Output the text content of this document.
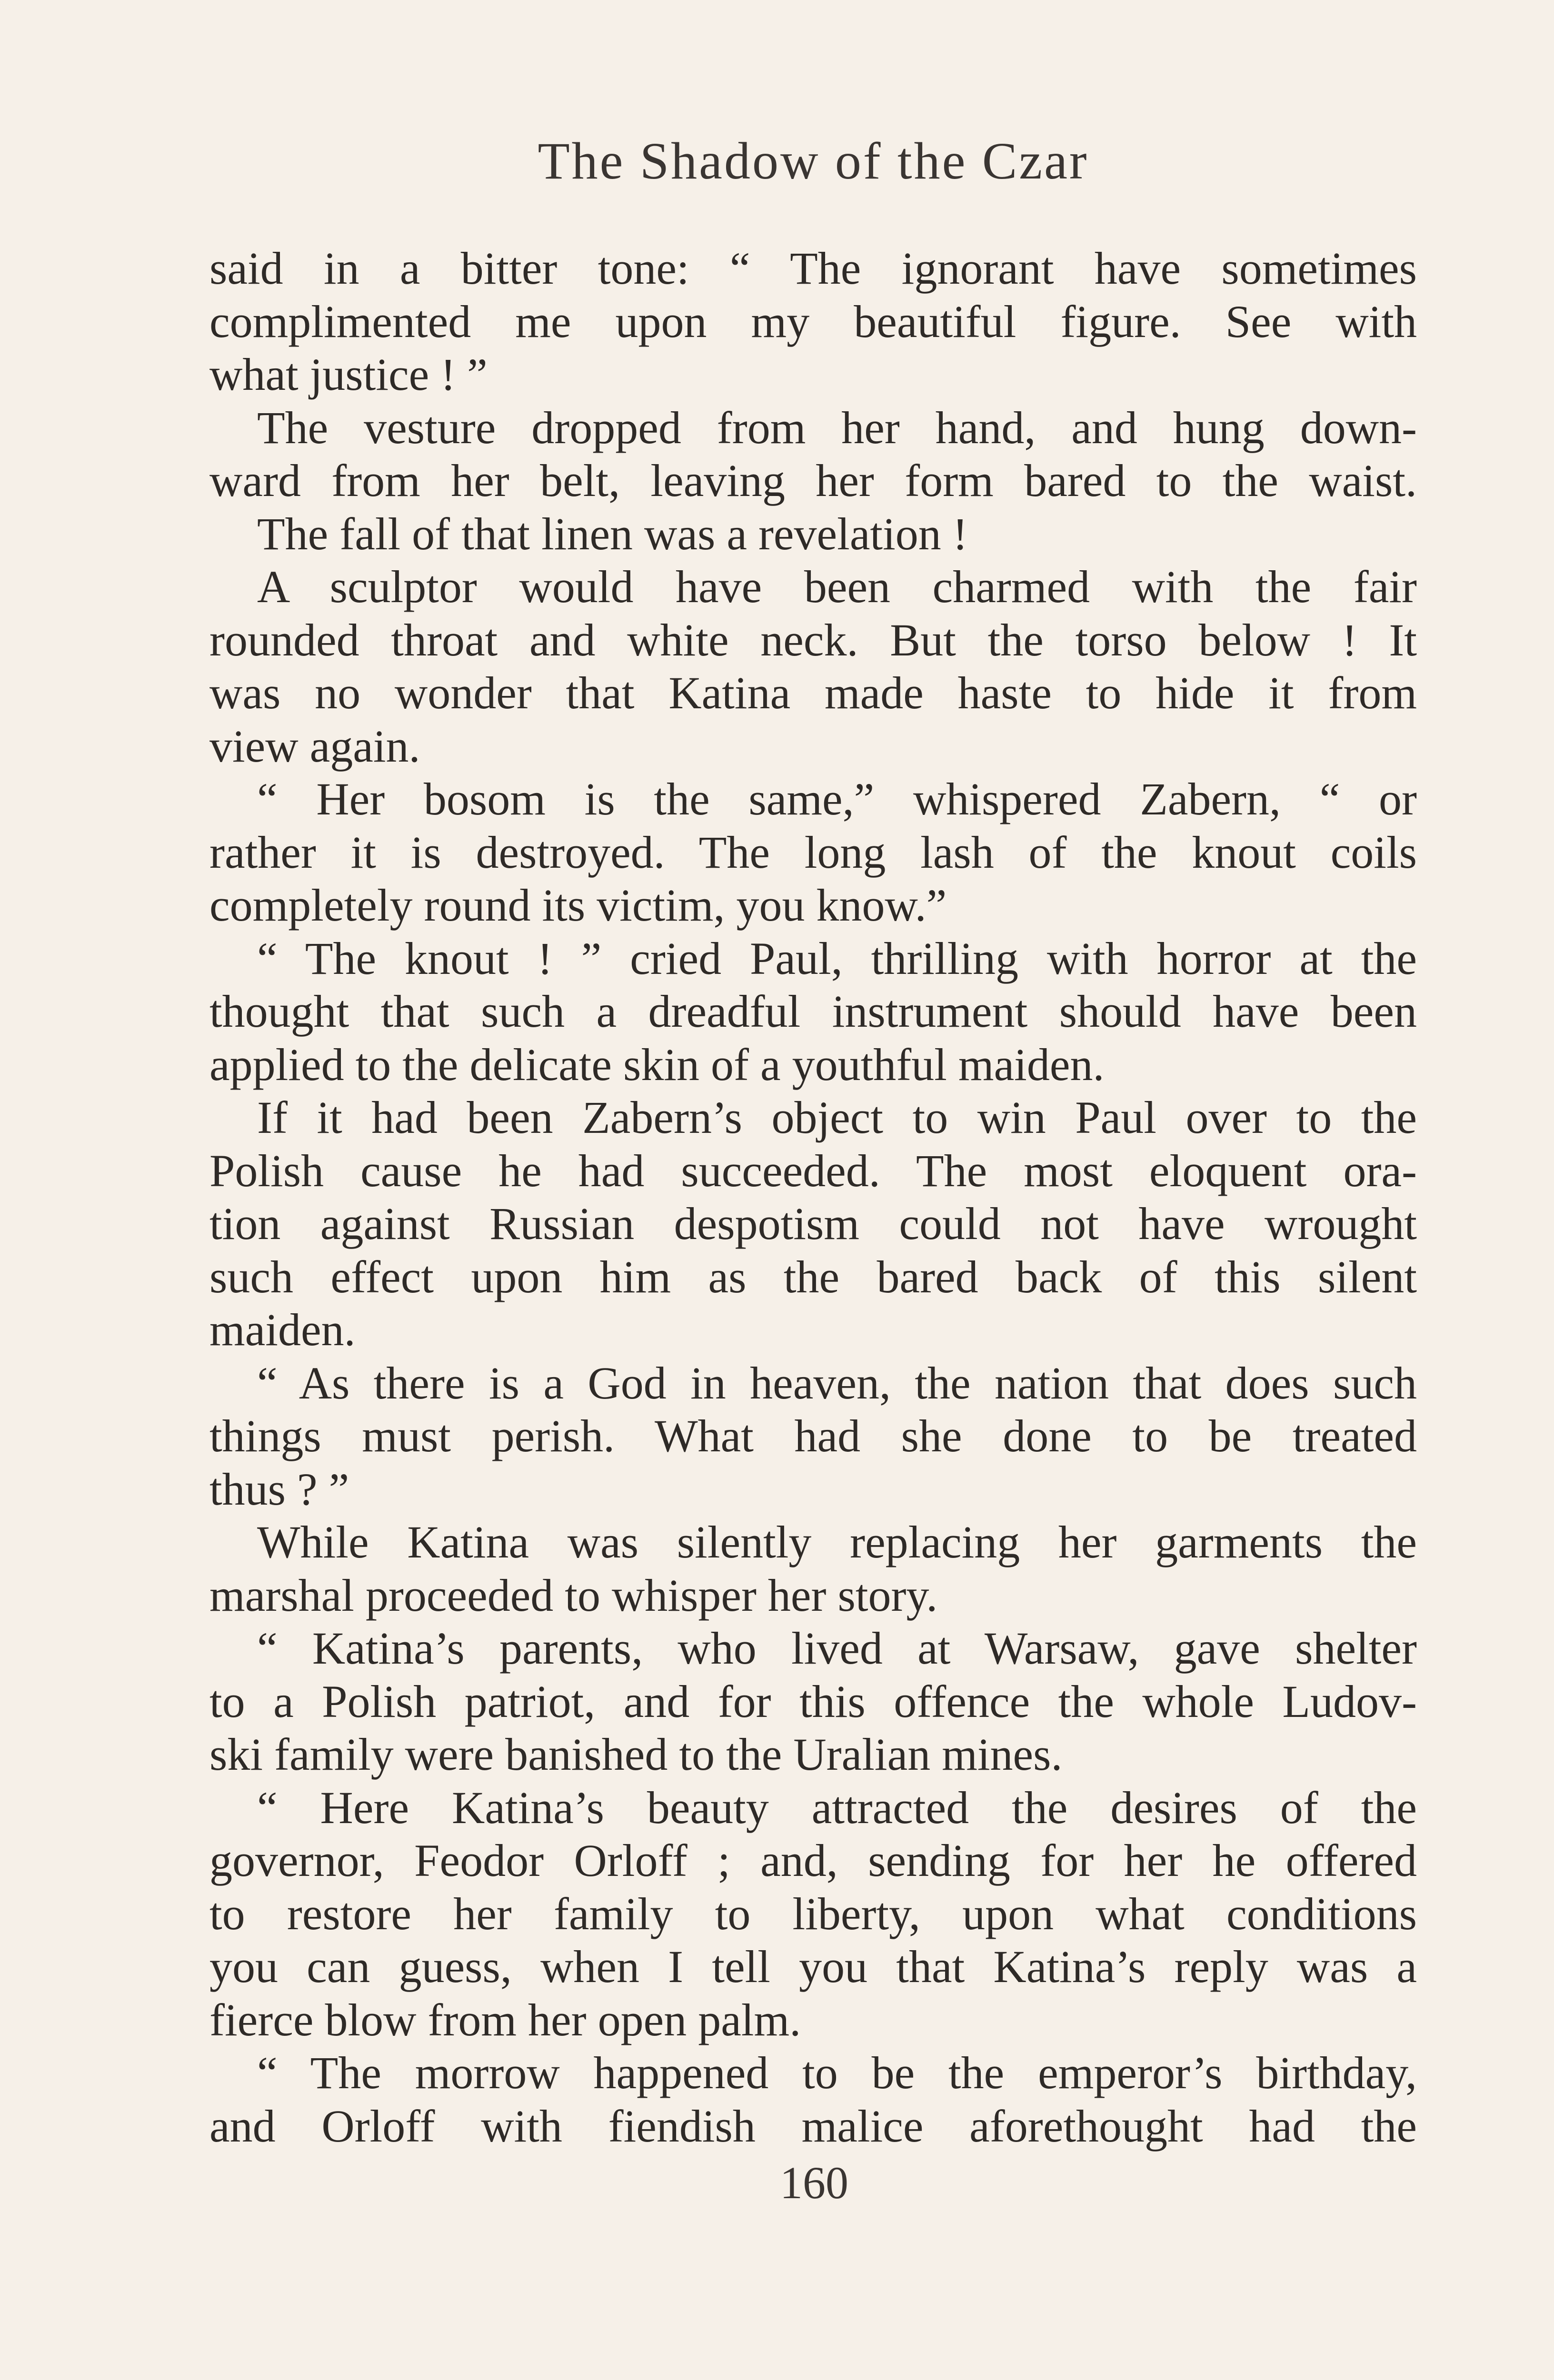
The Shadow of the Czar
said in a bitter tone: “ The ignorant have sometimes
complimented me upon my beautiful figure. See with
what justice ! ”
The vesture dropped from her hand, and hung down-
ward from her belt, leaving her form bared to the waist.
The fall of that linen was a revelation !
A sculptor would have been charmed with the fair
rounded throat and white neck. But the torso below ! It
was no wonder that Katina made haste to hide it from
view again.
“ Her bosom is the same,” whispered Zabern, “ or
rather it is destroyed. The long lash of the knout coils
completely round its victim, you know.”
“ The knout ! ” cried Paul, thrilling with horror at the
thought that such a dreadful instrument should have been
applied to the delicate skin of a youthful maiden.
If it had been Zabern’s object to win Paul over to the
Polish cause he had succeeded. The most eloquent ora-
tion against Russian despotism could not have wrought
such effect upon him as the bared back of this silent
maiden.
“ As there is a God in heaven, the nation that does such
things must perish. What had she done to be treated
thus ? ”
While Katina was silently replacing her garments the
marshal proceeded to whisper her story.
“ Katina’s parents, who lived at Warsaw, gave shelter
to a Polish patriot, and for this offence the whole Ludov-
ski family were banished to the Uralian mines.
“ Here Katina’s beauty attracted the desires of the
governor, Feodor Orloff ; and, sending for her he offered
to restore her family to liberty, upon what conditions
you can guess, when I tell you that Katina’s reply was a
fierce blow from her open palm.
“ The morrow happened to be the emperor’s birthday,
and Orloff with fiendish malice aforethought had the
160
